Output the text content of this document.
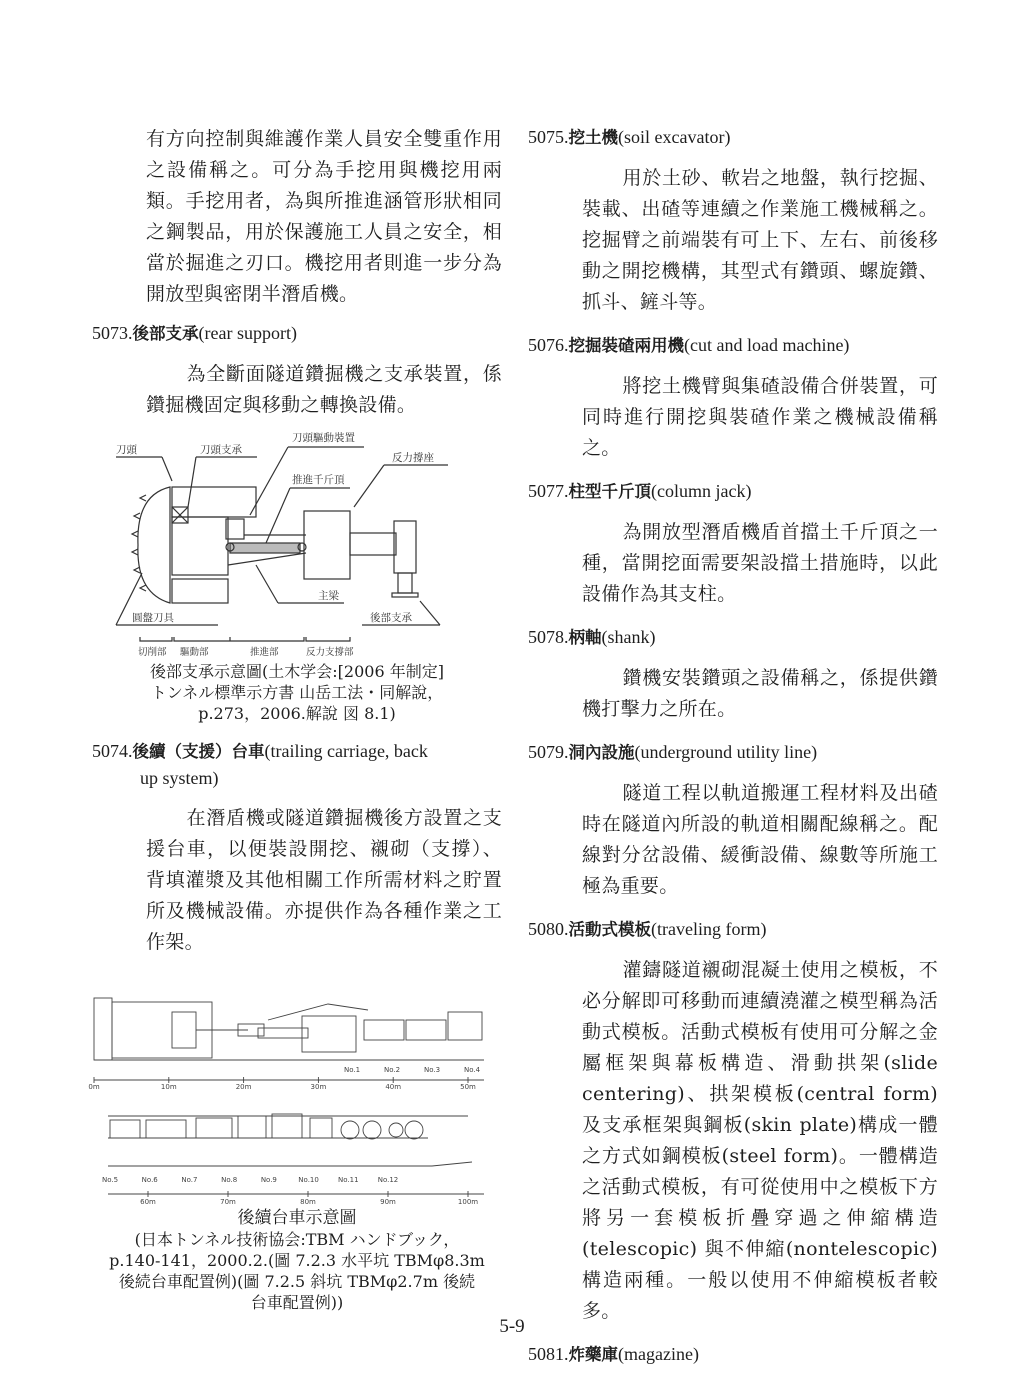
有方向控制與維護作業人員安全雙重作用之設備稱之。可分為手挖用與機挖用兩類。手挖用者，為與所推進涵管形狀相同之鋼製品，用於保護施工人員之安全，相當於掘進之刃口。機挖用者則進一步分為開放型與密閉半潛盾機。

5073.後部支承(rear support)

為全斷面隧道鑽掘機之支承裝置，係鑽掘機固定與移動之轉換設備。

刀頭	刀頭支承
刀頭驅動裝置
反力撐座
推進千斤頂
主梁
圓盤刀具	後部支承
切削部 驅動部	推進部	反力支撐部

後部支承示意圖(土木学会:[2006 年制定]

トンネル標準示方書 山岳工法・同解說，

p.273，2006.解說 図 8.1)

5074.後續（支援）台車(trailing carriage, back
up system)

在潛盾機或隧道鑽掘機後方設置之支援台車，以便裝設開挖、襯砌（支撐）、背填灌漿及其他相關工作所需材料之貯置所及機械設備。亦提供作為各種作業之工作架。

0m	10m	20m	30m	40m	50m
No.1	No.2	No.3	No.4
60m	70m	80m	90m	100m
No.5	No.6	No.7	No.8	No.9	No.10	No.11	No.12

後續台車示意圖

(日本トンネル技術協会:TBM ハンドブック，

p.140-141，2000.2.(圖 7.2.3 水平坑 TBMφ8.3m

後続台車配置例)(圖 7.2.5 斜坑 TBMφ2.7m 後続

台車配置例))

5075.挖土機(soil excavator)

用於土砂、軟岩之地盤，執行挖掘、裝載、出碴等連續之作業施工機械稱之。挖掘臂之前端裝有可上下、左右、前後移動之開挖機構，其型式有鑽頭、螺旋鑽、抓斗、鏟斗等。

5076.挖掘裝碴兩用機(cut and load machine)

將挖土機臂與集碴設備合併裝置，可同時進行開挖與裝碴作業之機械設備稱之。

5077.柱型千斤頂(column jack)

為開放型潛盾機盾首擋土千斤頂之一種，當開挖面需要架設擋土措施時，以此設備作為其支柱。

5078.柄軸(shank)

鑽機安裝鑽頭之設備稱之，係提供鑽機打擊力之所在。

5079.洞內設施(underground utility line)

隧道工程以軌道搬運工程材料及出碴時在隧道內所設的軌道相關配線稱之。配線對分岔設備、緩衝設備、線數等所施工極為重要。

5080.活動式模板(traveling form)

灌鑄隧道襯砌混凝土使用之模板，不必分解即可移動而連續澆灌之模型稱為活動式模板。活動式模板有使用可分解之金屬框架與幕板構造、滑動拱架(slide centering)、拱架模板(central form)及支承框架與鋼板(skin plate)構成一體之方式如鋼模板(steel form)。一體構造之活動式模板，有可從使用中之模板下方將另一套模板折疊穿過之伸縮構造(telescopic) 與不伸縮(nontelescopic)構造兩種。一般以使用不伸縮模板者較多。

5081.炸藥庫(magazine)
5-9
